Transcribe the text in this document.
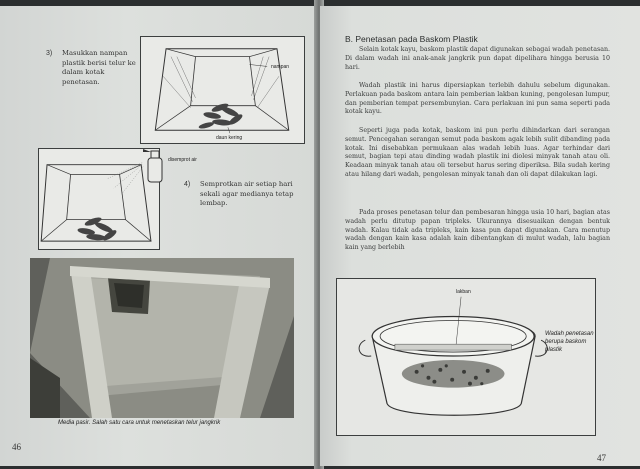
3) Masukkan nampan plastik berisi telur ke dalam kotak penetasan.
nampan
daun kering
disemprot air
4) Semprotkan air setiap hari sekali agar medianya tetap lembap.
Media pasir. Salah satu cara untuk menetaskan telur jangkrik
46
B. Penetasan pada Baskom Plastik
Selain kotak kayu, baskom plastik dapat digunakan sebagai wadah penetasan. Di dalam wadah ini anak-anak jangkrik pun dapat dipelihara hingga berusia 10 hari.
Wadah plastik ini harus dipersiapkan terlebih dahulu sebelum digunakan. Perlakuan pada baskom antara lain pemberian lakban kuning, pengolesan lumpur, dan pemberian tempat persembunyian. Cara perlakuan ini pun sama seperti pada kotak kayu.
Seperti juga pada kotak, baskom ini pun perlu dihindarkan dari serangan semut. Pencegahan serangan semut pada baskom agak lebih sulit dibanding pada kotak. Ini disebabkan permukaan alas wadah lebih luas. Agar terhindar dari semut, bagian tepi atau dinding wadah plastik ini diolesi minyak tanah atau oli. Keadaan minyak tanah atau oli tersebut harus sering diperiksa. Bila sudah kering atau hilang dari wadah, pengolesan minyak tanah dan oli dapat dilakukan lagi.
Pada proses penetasan telur dan pembesaran hingga usia 10 hari, bagian atas wadah perlu ditutup papan tripleks. Ukurannya disesuaikan dengan bentuk wadah. Kalau tidak ada tripleks, kain kasa pun dapat digunakan. Cara menutup wadah dengan kain kasa adalah kain dibentangkan di mulut wadah, lalu bagian kain yang berlebih
lakban
Wadah penetasan berupa baskom plastik
47
